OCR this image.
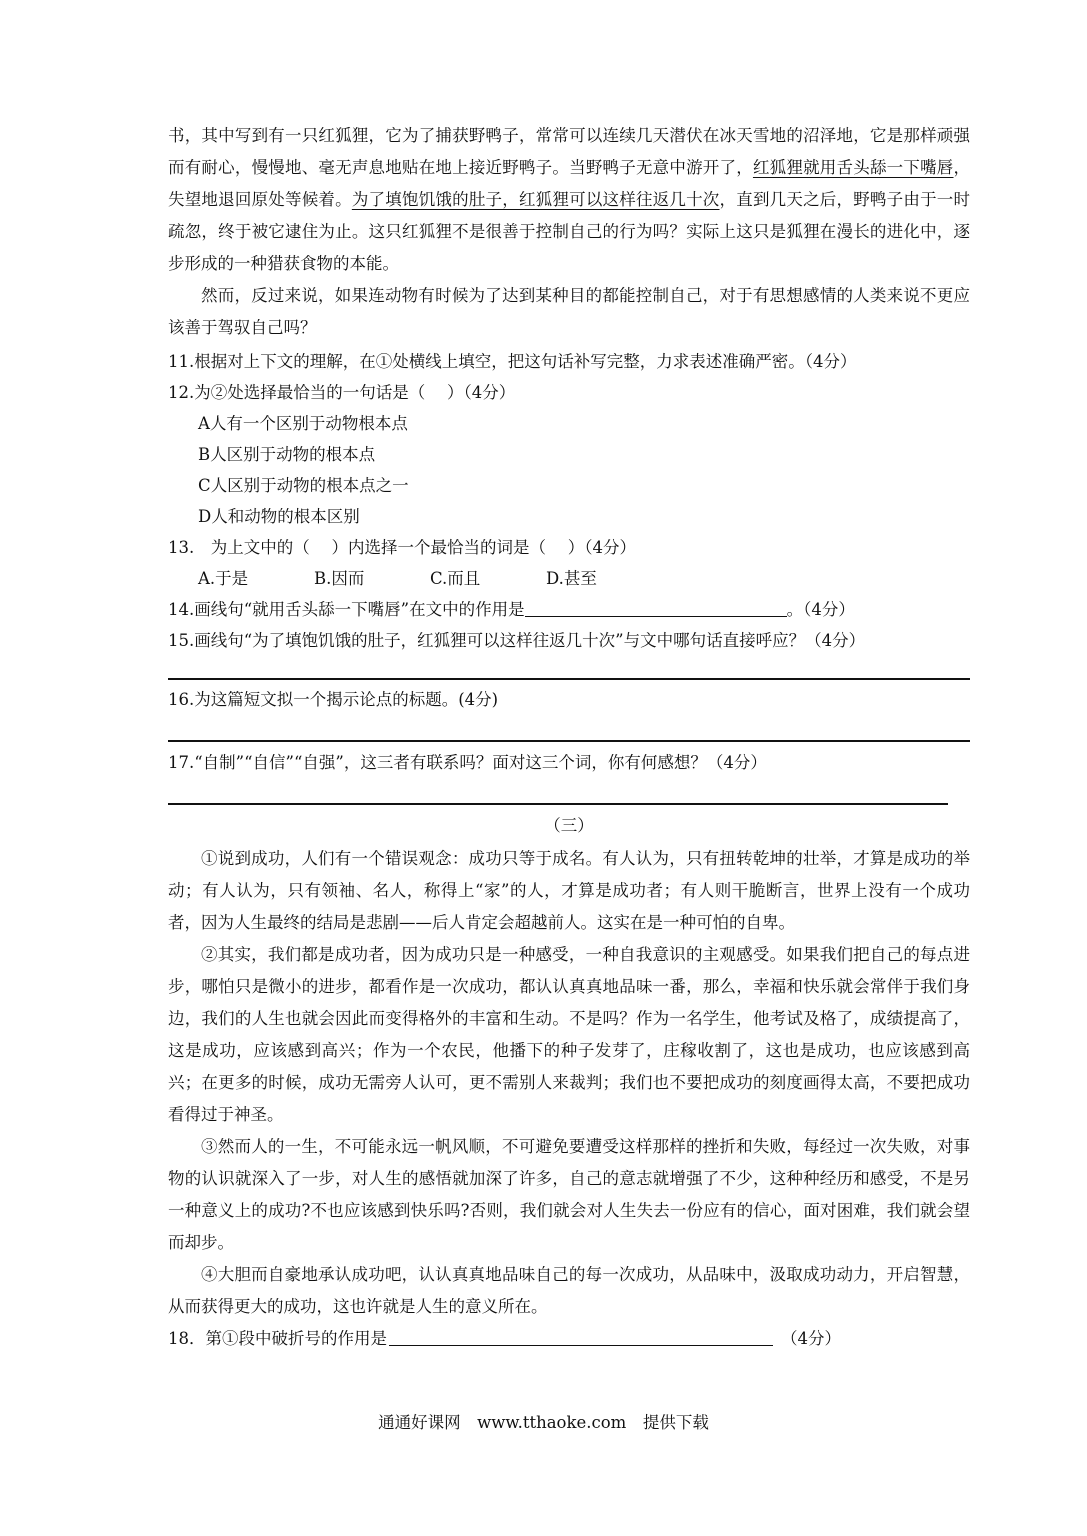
书，其中写到有一只红狐狸，它为了捕获野鸭子，常常可以连续几天潜伏在冰天雪地的沼泽地，它是那样顽强而有耐心，慢慢地、毫无声息地贴在地上接近野鸭子。当野鸭子无意中游开了，红狐狸就用舌头舔一下嘴唇，失望地退回原处等候着。为了填饱饥饿的肚子，红狐狸可以这样往返几十次，直到几天之后，野鸭子由于一时疏忽，终于被它逮住为止。这只红狐狸不是很善于控制自己的行为吗？实际上这只是狐狸在漫长的进化中，逐步形成的一种猎获食物的本能。

然而，反过来说，如果连动物有时候为了达到某种目的都能控制自己，对于有思想感情的人类来说不更应该善于驾驭自己吗？

11.根据对上下文的理解，在①处横线上填空，把这句话补写完整，力求表述准确严密。（4分）

12.为②处选择最恰当的一句话是（　 ）（4分）

A人有一个区别于动物根本点

B人区别于动物的根本点

C人区别于动物的根本点之一

D人和动物的根本区别

13.　为上文中的（　 ）内选择一个最恰当的词是（　 ）（4分）

A.于是	B.因而	C.而且	D.甚至

14.画线句“就用舌头舔一下嘴唇”在文中的作用是	。（4分）

15.画线句“为了填饱饥饿的肚子，红狐狸可以这样往返几十次”与文中哪句话直接呼应？（4分）

16.为这篇短文拟一个揭示论点的标题。(4分)

17.“自制”“自信”“自强”，这三者有联系吗？面对这三个词，你有何感想？（4分）

（三）

①说到成功，人们有一个错误观念：成功只等于成名。有人认为，只有扭转乾坤的壮举，才算是成功的举动；有人认为，只有领袖、名人，称得上“家”的人，才算是成功者；有人则干脆断言，世界上没有一个成功者，因为人生最终的结局是悲剧——后人肯定会超越前人。这实在是一种可怕的自卑。

②其实，我们都是成功者，因为成功只是一种感受，一种自我意识的主观感受。如果我们把自己的每点进步，哪怕只是微小的进步，都看作是一次成功，都认认真真地品味一番，那么，幸福和快乐就会常伴于我们身边，我们的人生也就会因此而变得格外的丰富和生动。不是吗？作为一名学生，他考试及格了，成绩提高了，这是成功，应该感到高兴；作为一个农民，他播下的种子发芽了，庄稼收割了，这也是成功，也应该感到高兴；在更多的时候，成功无需旁人认可，更不需别人来裁判；我们也不要把成功的刻度画得太高，不要把成功看得过于神圣。

③然而人的一生，不可能永远一帆风顺，不可避免要遭受这样那样的挫折和失败，每经过一次失败，对事物的认识就深入了一步，对人生的感悟就加深了许多，自己的意志就增强了不少，这种种经历和感受，不是另一种意义上的成功?不也应该感到快乐吗?否则，我们就会对人生失去一份应有的信心，面对困难，我们就会望而却步。

④大胆而自豪地承认成功吧，认认真真地品味自己的每一次成功，从品味中，汲取成功动力，开启智慧，从而获得更大的成功，这也许就是人生的意义所在。

18．第①段中破折号的作用是	（4分）

通通好课网　www.tthaoke.com　提供下载
